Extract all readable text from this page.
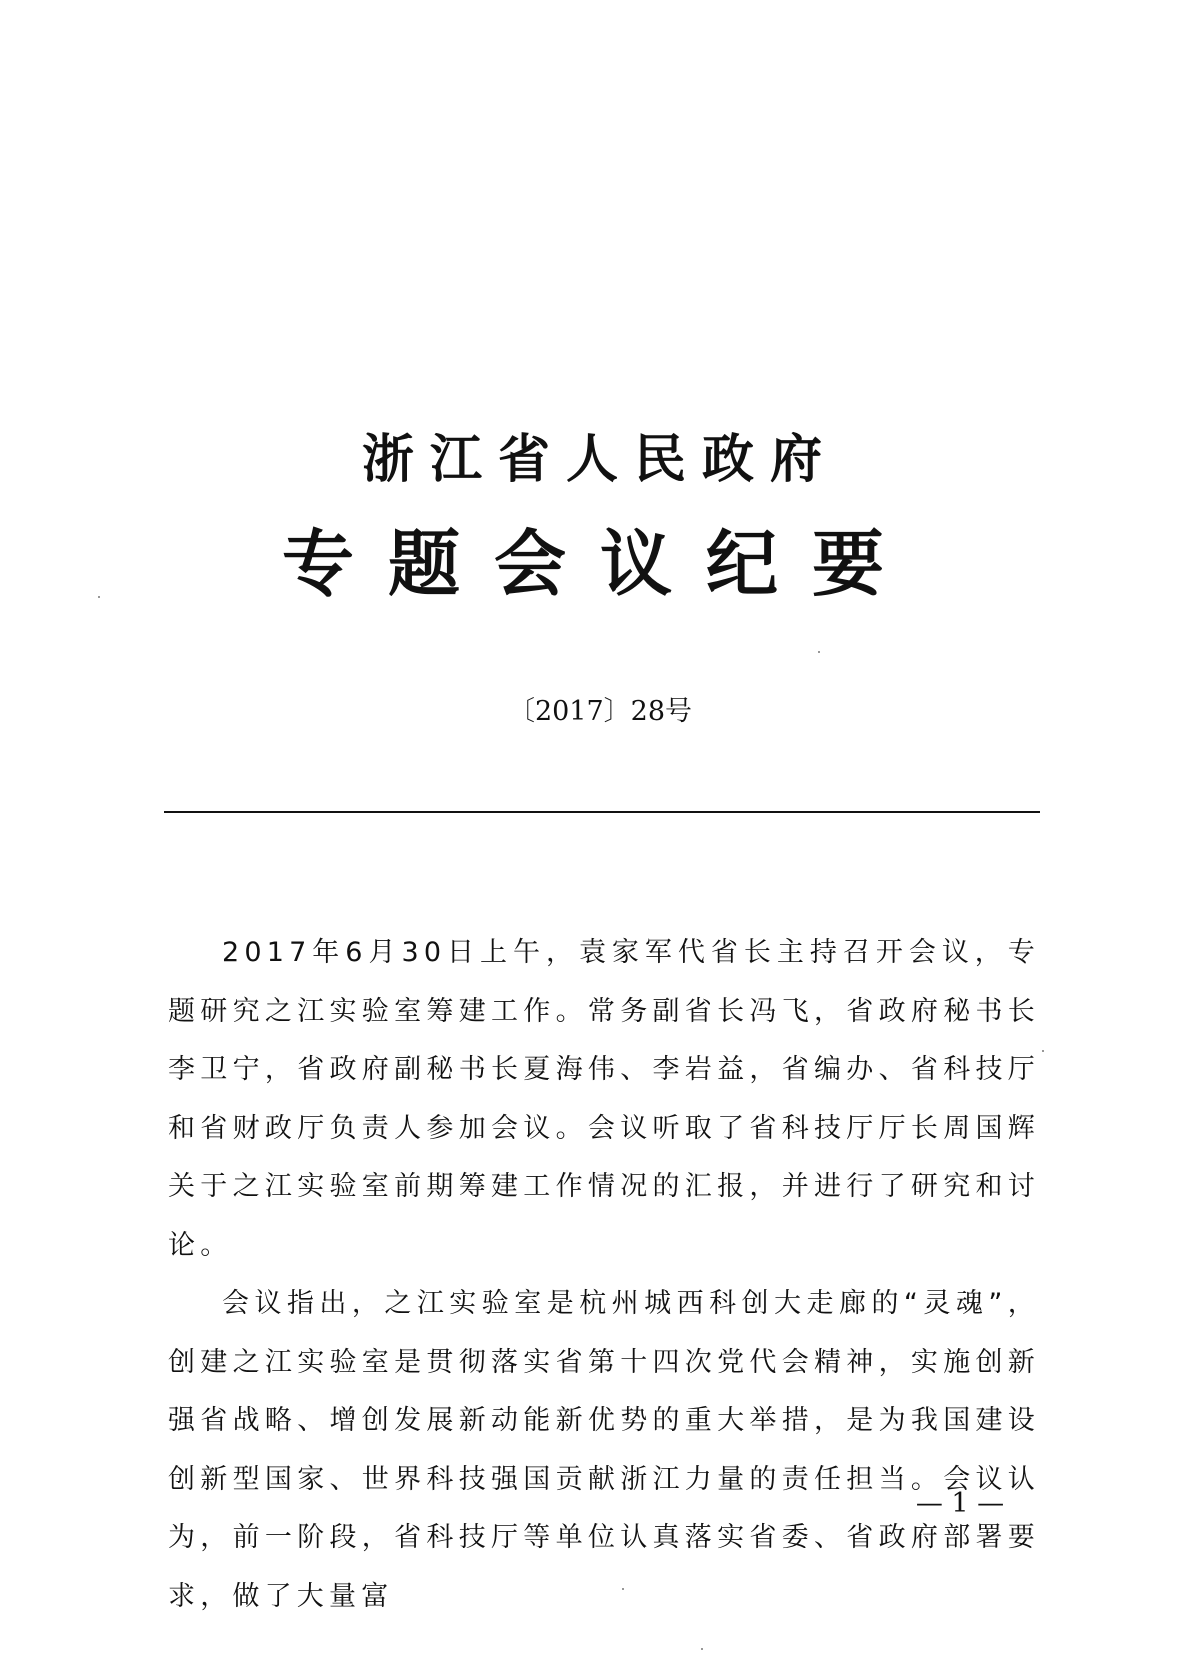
浙江省人民政府
专题会议纪要
〔2017〕28号

2017年6月30日上午，袁家军代省长主持召开会议，专题研究之江实验室筹建工作。常务副省长冯飞，省政府秘书长李卫宁，省政府副秘书长夏海伟、李岩益，省编办、省科技厅和省财政厅负责人参加会议。会议听取了省科技厅厅长周国辉关于之江实验室前期筹建工作情况的汇报，并进行了研究和讨论。

会议指出，之江实验室是杭州城西科创大走廊的“灵魂”，创建之江实验室是贯彻落实省第十四次党代会精神，实施创新强省战略、增创发展新动能新优势的重大举措，是为我国建设创新型国家、世界科技强国贡献浙江力量的责任担当。会议认为，前一阶段，省科技厅等单位认真落实省委、省政府部署要求，做了大量富

— 1 —
